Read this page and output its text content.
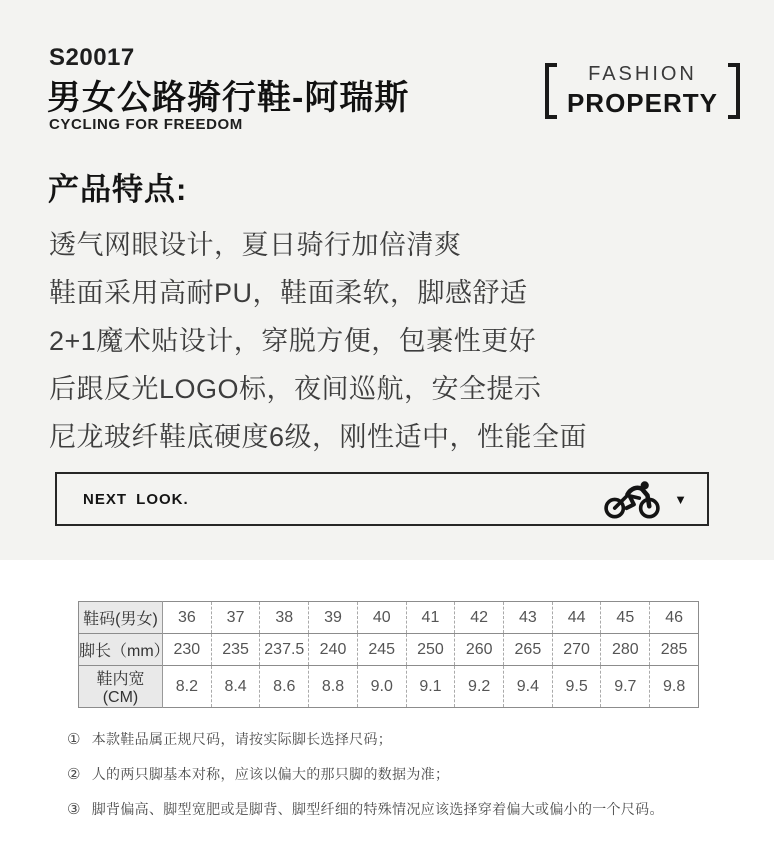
S20017
男女公路骑行鞋-阿瑞斯
CYCLING FOR FREEDOM
FASHION
PROPERTY
产品特点:
透气网眼设计，夏日骑行加倍清爽
鞋面采用高耐PU，鞋面柔软，脚感舒适
2+1魔术贴设计，穿脱方便，包裹性更好
后跟反光LOGO标，夜间巡航，安全提示
尼龙玻纤鞋底硬度6级，刚性适中，性能全面
NEXT LOOK.	▼
鞋码(男女)	36	37	38	39	40	41	42	43	44	45	46
脚长（mm）	230	235	237.5	240	245	250	260	265	270	280	285
鞋内宽(CM)	8.2	8.4	8.6	8.8	9.0	9.1	9.2	9.4	9.5	9.7	9.8
① 本款鞋品属正规尺码，请按实际脚长选择尺码；
② 人的两只脚基本对称，应该以偏大的那只脚的数据为准；
③ 脚背偏高、脚型宽肥或是脚背、脚型纤细的特殊情况应该选择穿着偏大或偏小的一个尺码。
